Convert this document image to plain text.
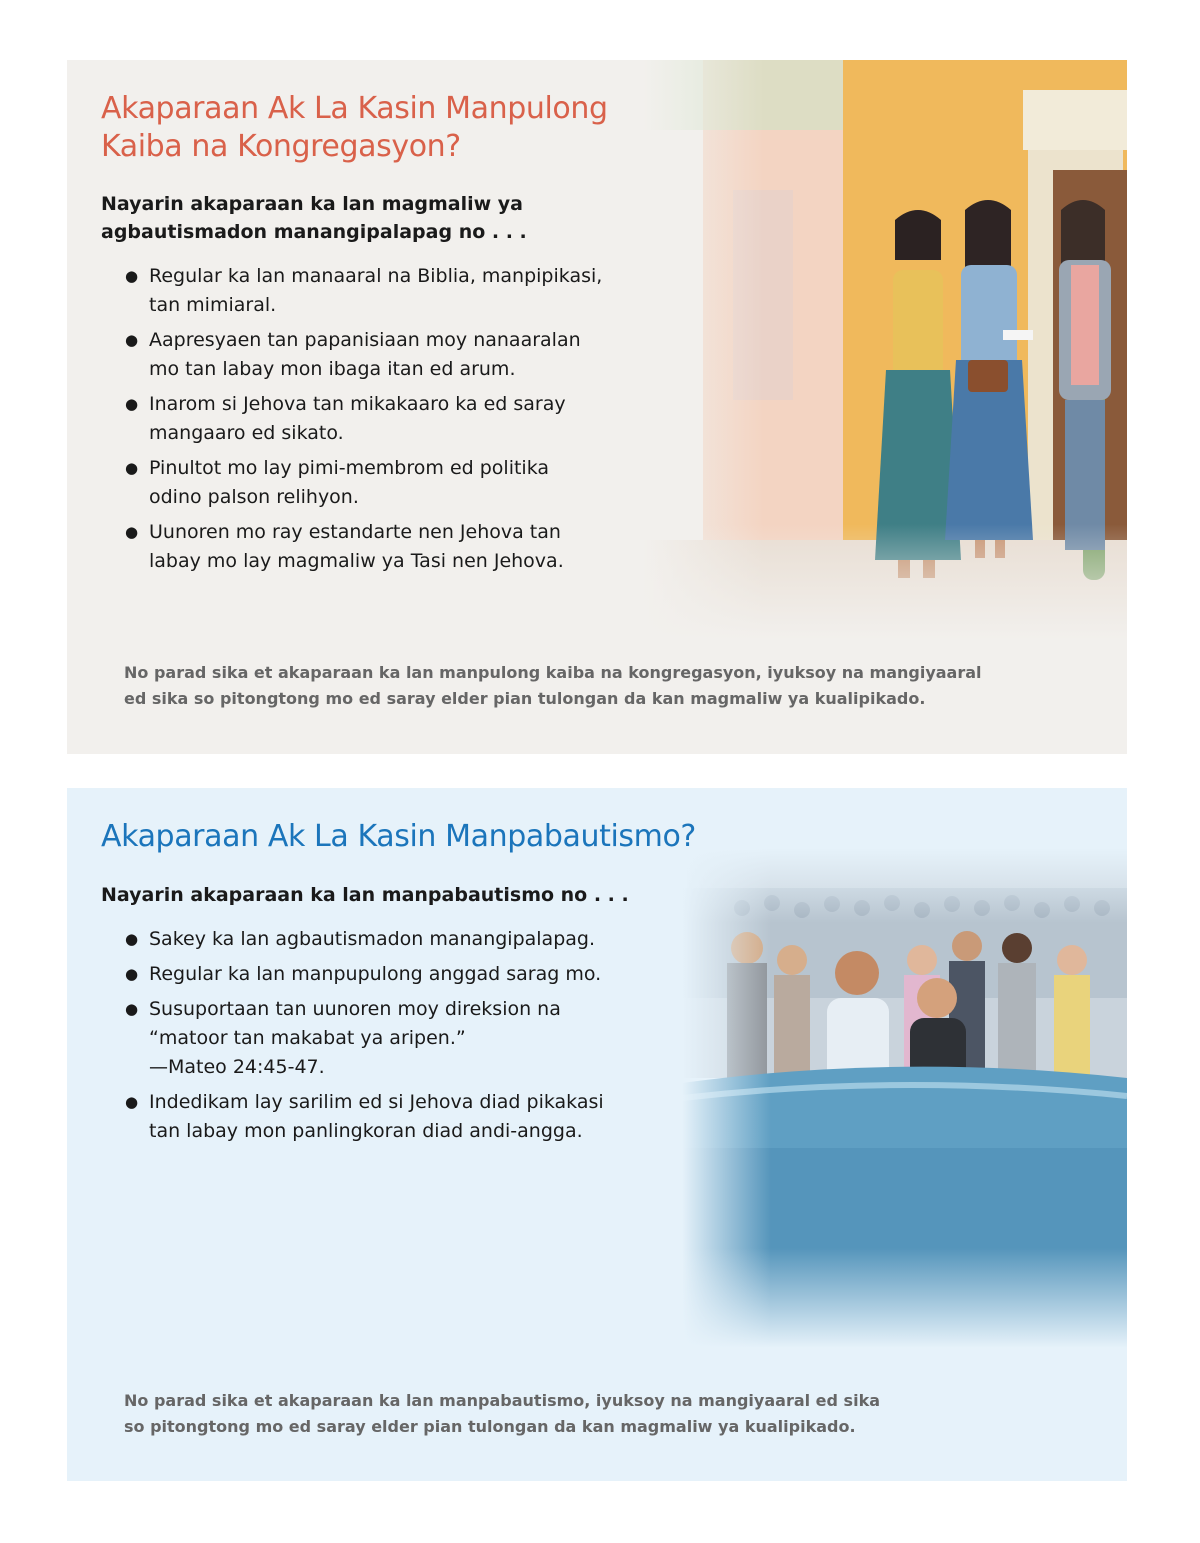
Akaparaan Ak La Kasin Manpulong
Kaiba na Kongregasyon?

Nayarin akaparaan ka lan magmaliw ya
agbautismadon manangipalapag no . . .

● Regular ka lan manaaral na Biblia, manpipikasi,
tan mimiaral.
● Aapresyaen tan papanisiaan moy nanaaralan
mo tan labay mon ibaga itan ed arum.
● Inarom si Jehova tan mikakaaro ka ed saray
mangaaro ed sikato.
● Pinultot mo lay pimi-membrom ed politika
odino palson relihyon.
● Uunoren mo ray estandarte nen Jehova tan
labay mo lay magmaliw ya Tasi nen Jehova.

No parad sika et akaparaan ka lan manpulong kaiba na kongregasyon, iyuksoy na mangiyaaral
ed sika so pitongtong mo ed saray elder pian tulongan da kan magmaliw ya kualipikado.

Akaparaan Ak La Kasin Manpabautismo?

Nayarin akaparaan ka lan manpabautismo no . . .

● Sakey ka lan agbautismadon manangipalapag.
● Regular ka lan manpupulong anggad sarag mo.
● Susuportaan tan uunoren moy direksion na
“matoor tan makabat ya aripen.”
—Mateo 24:45-47.
● Indedikam lay sarilim ed si Jehova diad pikakasi
tan labay mon panlingkoran diad andi-angga.

No parad sika et akaparaan ka lan manpabautismo, iyuksoy na mangiyaaral ed sika
so pitongtong mo ed saray elder pian tulongan da kan magmaliw ya kualipikado.
